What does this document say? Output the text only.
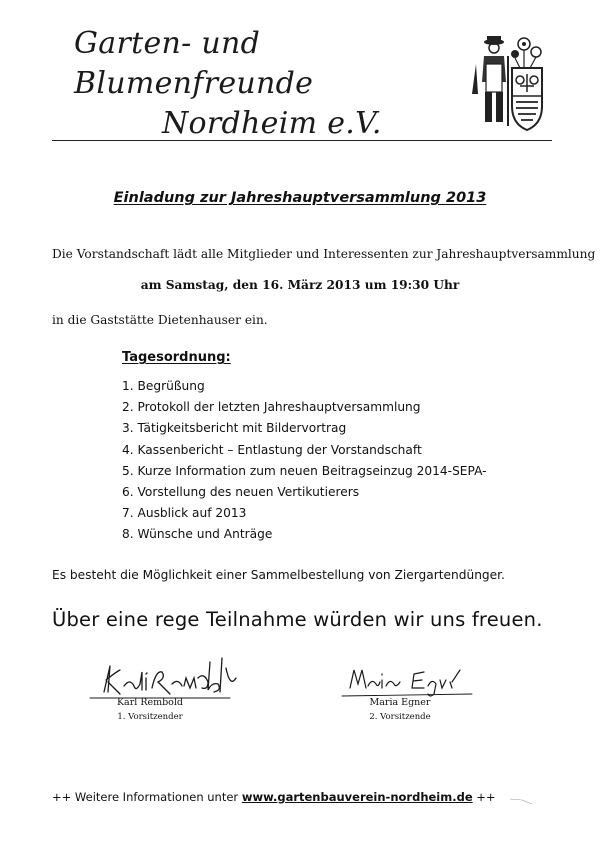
Garten- und Blumenfreunde
Nordheim e.V.
Einladung zur Jahreshauptversammlung 2013
Die Vorstandschaft lädt alle Mitglieder und Interessenten zur Jahreshauptversammlung
am Samstag, den 16. März 2013 um 19:30 Uhr
in die Gaststätte Dietenhauser ein.
Tagesordnung:
1. Begrüßung
2. Protokoll der letzten Jahreshauptversammlung
3. Tätigkeitsbericht mit Bildervortrag
4. Kassenbericht – Entlastung der Vorstandschaft
5. Kurze Information zum neuen Beitragseinzug 2014-SEPA-
6. Vorstellung des neuen Vertikutierers
7. Ausblick auf 2013
8. Wünsche und Anträge
Es besteht die Möglichkeit einer Sammelbestellung von Ziergartendünger.
Über eine rege Teilnahme würden wir uns freuen.
Karl Rembold
1. Vorsitzender
Maria Egner
2. Vorsitzende
++ Weitere Informationen unter www.gartenbauverein-nordheim.de ++
